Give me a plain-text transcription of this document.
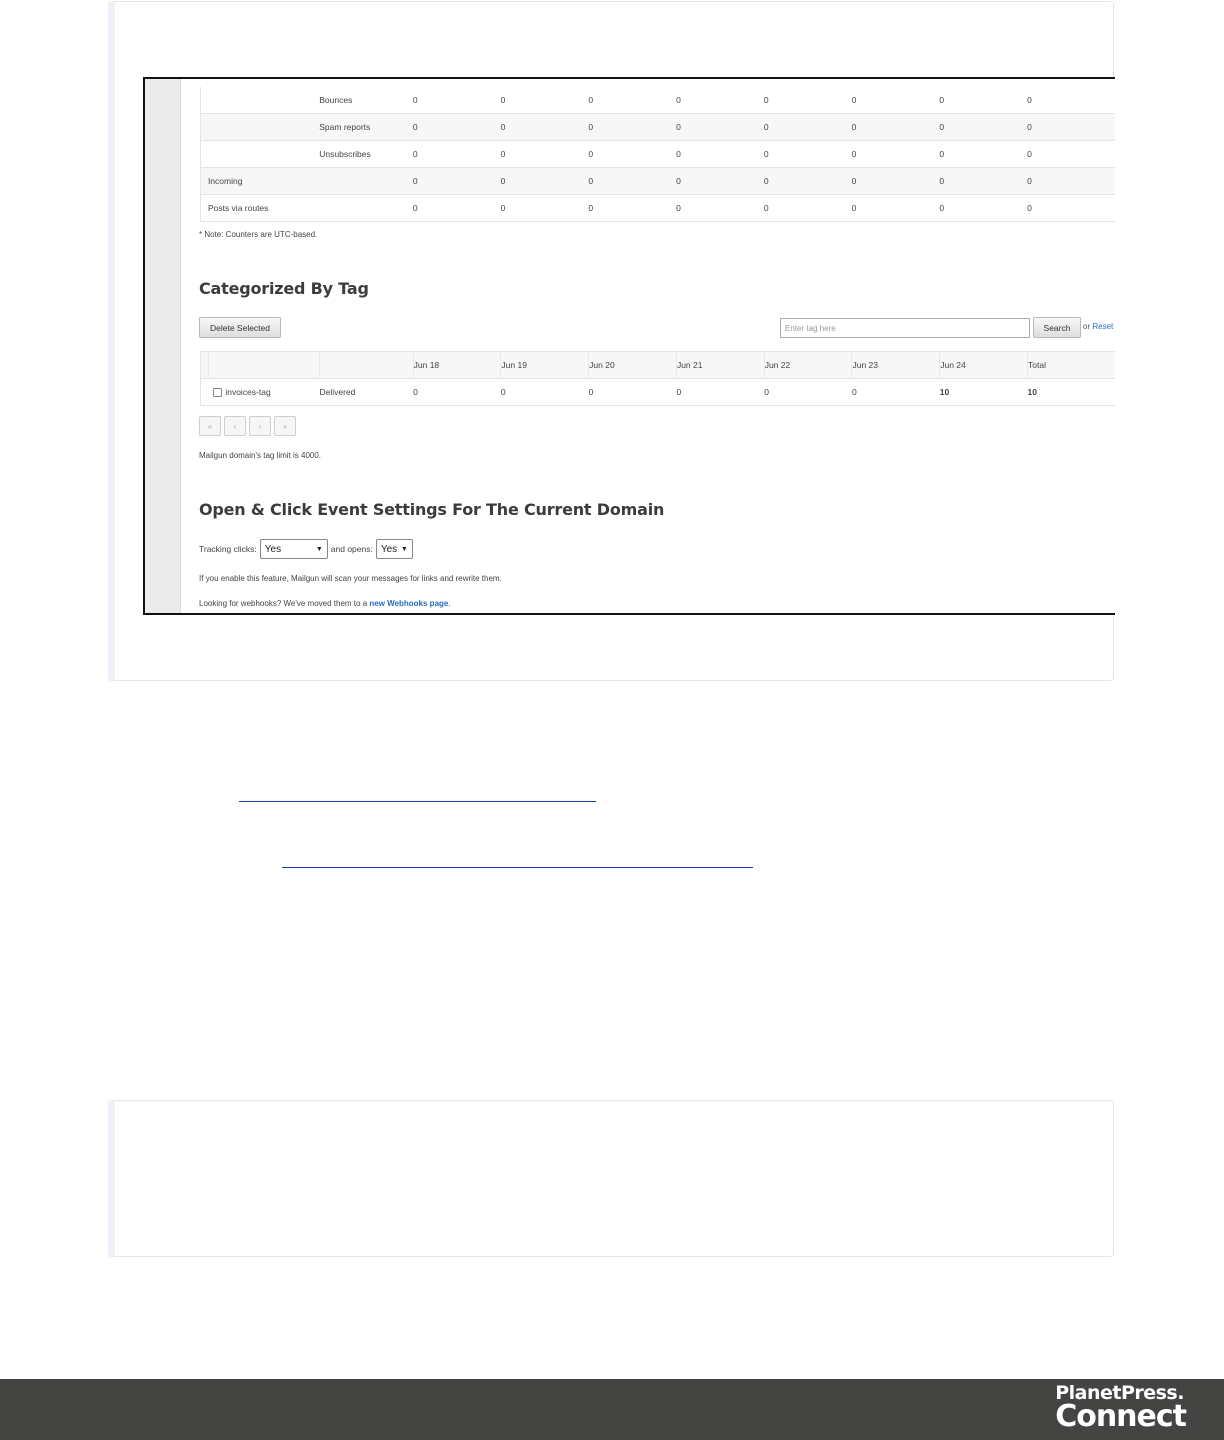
		Bounces	0	0	0	0	0	0	0	0
		Spam reports	0	0	0	0	0	0	0	0
		Unsubscribes	0	0	0	0	0	0	0	0
	Incoming		0	0	0	0	0	0	0	0
	Posts via routes		0	0	0	0	0	0	0	0
* Note: Counters are UTC-based.
Categorized By Tag
Delete Selected	Enter tag here	Search	or Reset
			Jun 18	Jun 19	Jun 20	Jun 21	Jun 22	Jun 23	Jun 24	Total
	invoices-tag	Delivered	0	0	0	0	0	0	10	10
«	‹	›	»
Mailgun domain's tag limit is 4000.
Open & Click Event Settings For The Current Domain
Tracking clicks: Yes	▼ and opens: Yes ▼
If you enable this feature, Mailgun will scan your messages for links and rewrite them.
Looking for webhooks? We've moved them to a new Webhooks page.
PlanetPress.
Connect
